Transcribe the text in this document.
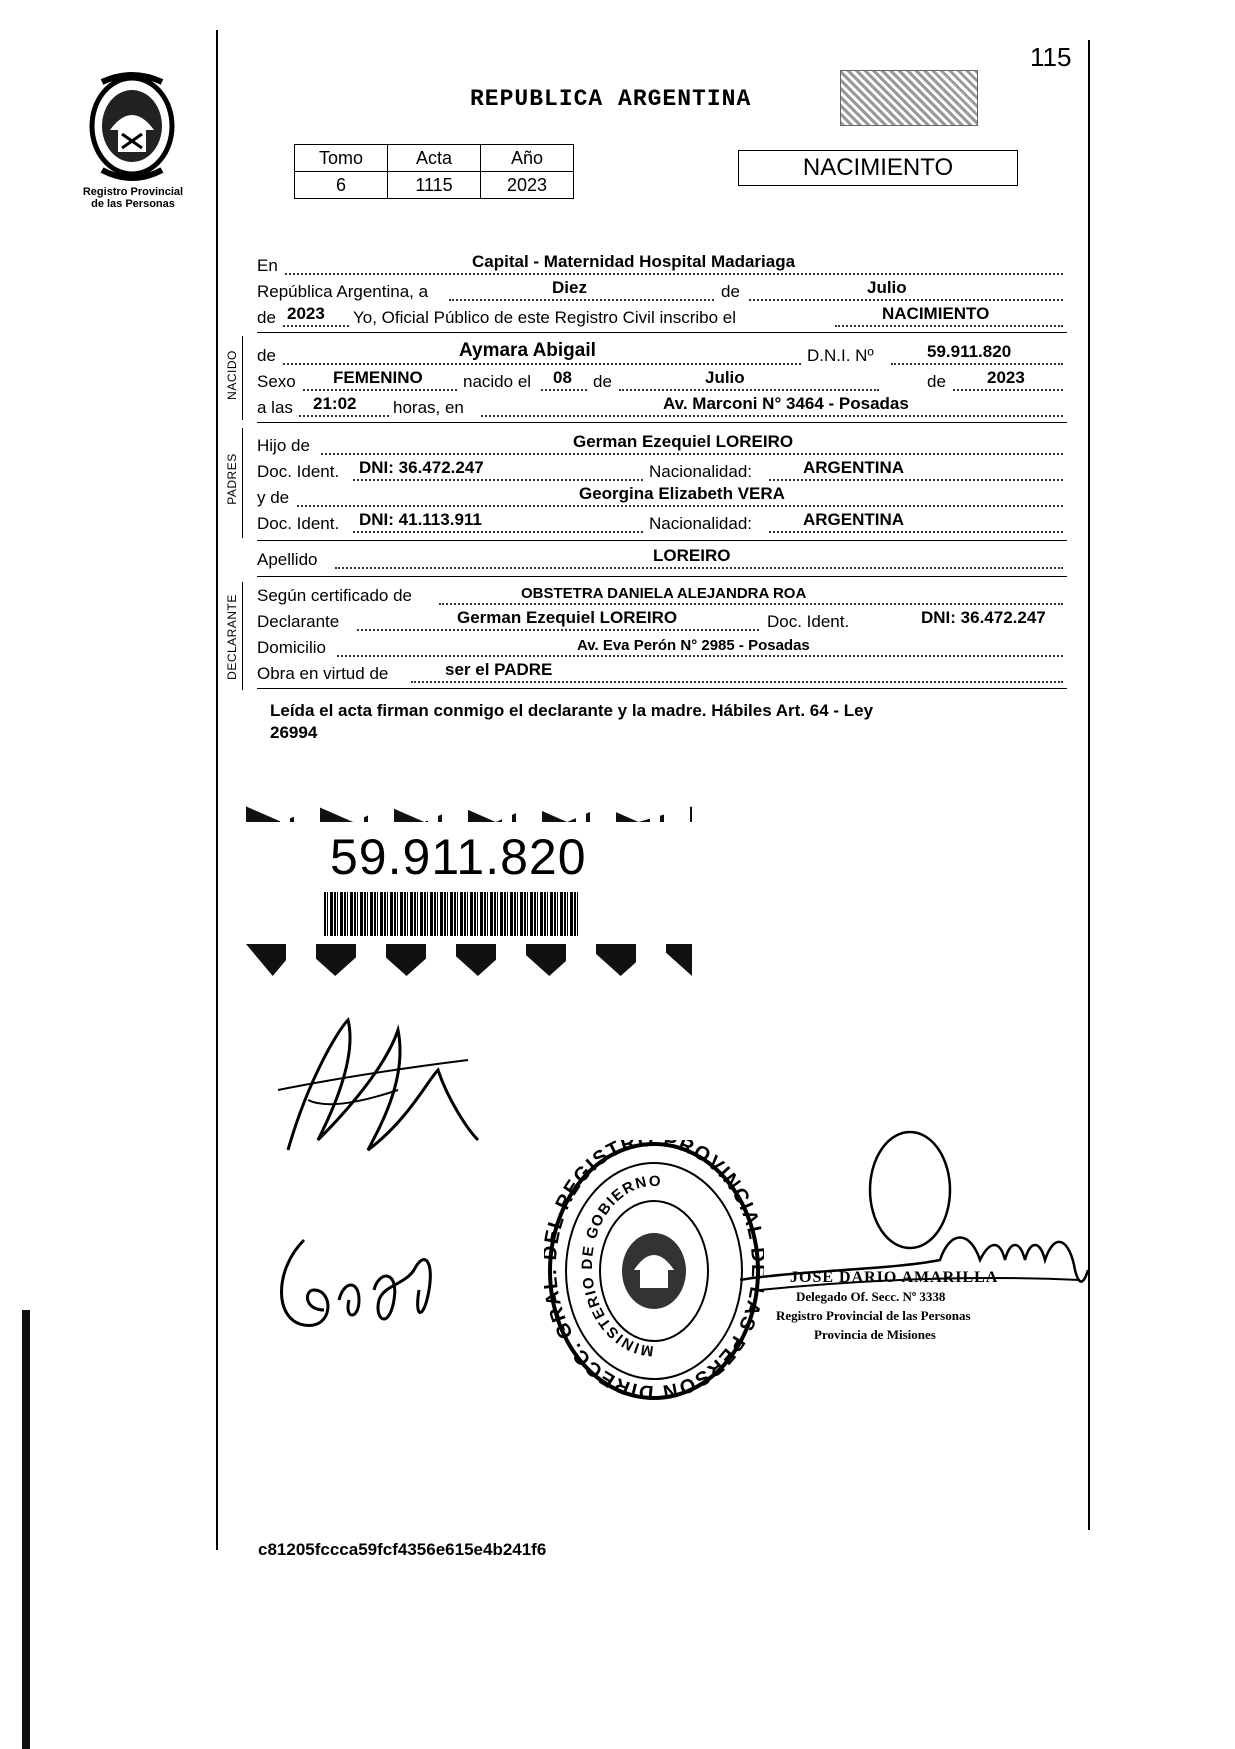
115
Registro Provincial
de las Personas
REPUBLICA ARGENTINA
Tomo	Acta	Año
6	1115	2023
NACIMIENTO
En	Capital - Maternidad Hospital Madariaga
República Argentina, a	Diez	de	Julio
de 2023 Yo, Oficial Público de este Registro Civil inscribo el	NACIMIENTO
NACIDO de	Aymara Abigail	D.N.I. Nº	59.911.820
Sexo FEMENINO nacido el 08 de	Julio	de 2023
a las 21:02 horas, en	Av. Marconi N° 3464 - Posadas
PADRES
Hijo de	German Ezequiel LOREIRO
Doc. Ident. DNI: 36.472.247	Nacionalidad:	ARGENTINA
y de	Georgina Elizabeth VERA
Doc. Ident. DNI: 41.113.911	Nacionalidad:	ARGENTINA
Apellido	LOREIRO
DECLARANTE Según certificado de	OBSTETRA DANIELA ALEJANDRA ROA
Declarante	German Ezequiel LOREIRO	Doc. Ident.	DNI: 36.472.247
Domicilio	Av. Eva Perón N° 2985 - Posadas
Obra en virtud de	ser el PADRE
Leída el acta firman conmigo el declarante y la madre. Hábiles Art. 64 - Ley
26994
59.911.820
DIRECC. GR L REGISTRO PROVINCIA AS PERSON
MINISTERIO DE GOBIERNO
JOSE DARIO AMARILLA
Delegado Of. Secc. Nº 3338
Registro Provincial de las Personas
Provincia de Misiones
c81205fccca59fcf4356e615e4b241f6
